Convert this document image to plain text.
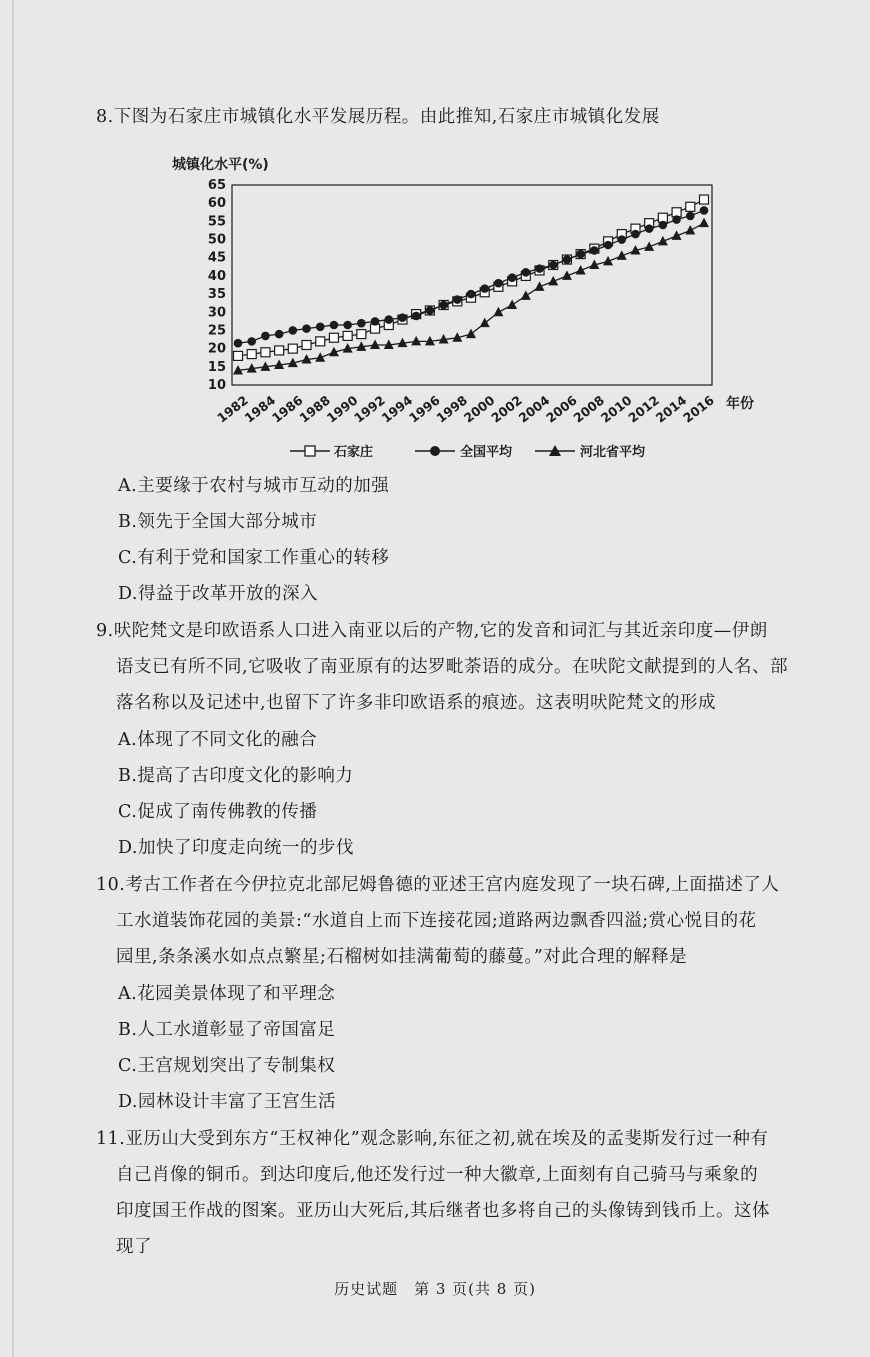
8.下图为石家庄市城镇化水平发展历程。由此推知,石家庄市城镇化发展
城镇化水平(%)
10
15
20
25
30
35
40
45
50
55
60
65
1982
1984
1986
1988
1990
1992
1994
1996
1998
2000
2002
2004
2006
2008
2010
2012
2014
2016 年份
石家庄	全国平均	河北省平均
A.主要缘于农村与城市互动的加强
B.领先于全国大部分城市
C.有利于党和国家工作重心的转移
D.得益于改革开放的深入
9.吠陀梵文是印欧语系人口进入南亚以后的产物,它的发音和词汇与其近亲印度—伊朗
语支已有所不同,它吸收了南亚原有的达罗毗荼语的成分。在吠陀文献提到的人名、部
落名称以及记述中,也留下了许多非印欧语系的痕迹。这表明吠陀梵文的形成
A.体现了不同文化的融合
B.提高了古印度文化的影响力
C.促成了南传佛教的传播
D.加快了印度走向统一的步伐
10.考古工作者在今伊拉克北部尼姆鲁德的亚述王宫内庭发现了一块石碑,上面描述了人
工水道装饰花园的美景:“水道自上而下连接花园;道路两边飘香四溢;赏心悦目的花
园里,条条溪水如点点繁星;石榴树如挂满葡萄的藤蔓。”对此合理的解释是
A.花园美景体现了和平理念
B.人工水道彰显了帝国富足
C.王宫规划突出了专制集权
D.园林设计丰富了王宫生活
11.亚历山大受到东方“王权神化”观念影响,东征之初,就在埃及的孟斐斯发行过一种有
自己肖像的铜币。到达印度后,他还发行过一种大徽章,上面刻有自己骑马与乘象的
印度国王作战的图案。亚历山大死后,其后继者也多将自己的头像铸到钱币上。这体
现了
历史试题　第 3 页(共 8 页)
